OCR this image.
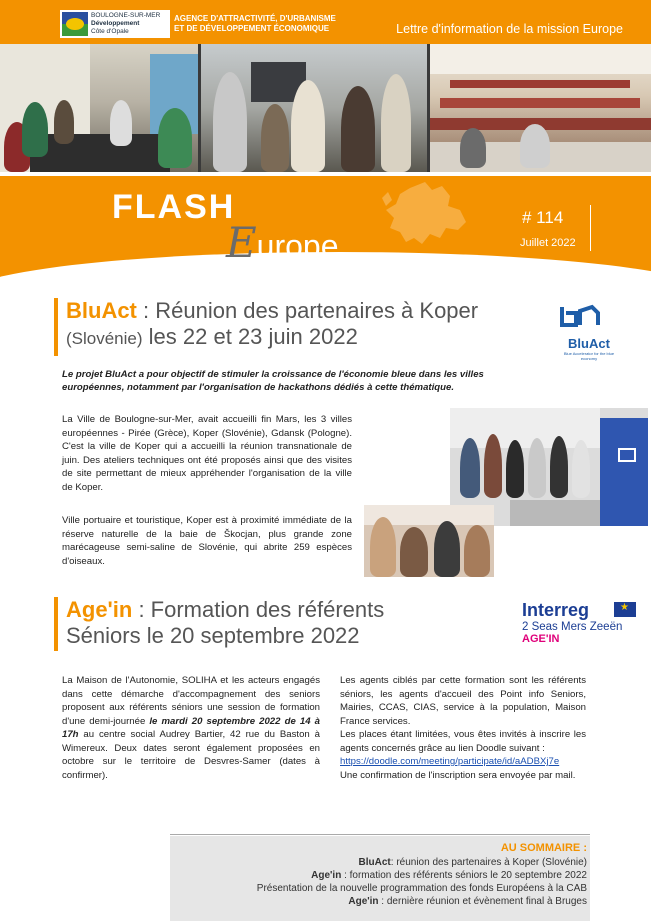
BOULOGNE-SUR-MER
Développement
Côte d'Opale
AGENCE D'ATTRACTIVITÉ, D'URBANISME
ET DE DÉVELOPPEMENT ÉCONOMIQUE	Lettre d'information de la mission Europe
FLASH
Europe
# 114
Juillet 2022
BluAct : Réunion des partenaires à Koper
(Slovénie) les 22 et 23 juin 2022	BluAct
Blue Accelerator for the blue economy
Le projet BluAct a pour objectif de stimuler la croissance de l'économie bleue dans les villes européennes, notamment par l'organisation de hackathons dédiés à cette thématique.
La Ville de Boulogne-sur-Mer, avait accueilli fin Mars, les 3 villes européennes - Pirée (Grèce), Koper (Slovénie), Gdansk (Pologne). C'est la ville de Koper qui a accueilli la réunion transnationale de juin. Des ateliers techniques ont été proposés ainsi que des visites de site permettant de mieux appréhender l'organisation de la ville de Koper.
Ville portuaire et touristique, Koper est à proximité immédiate de la réserve naturelle de la baie de Škocjan, plus grande zone marécageuse semi-saline de Slovénie, qui abrite 259 espèces d'oiseaux.
Age'in : Formation des référents
Séniors le 20 septembre 2022
Interreg
★
2 Seas Mers Zeeën
AGE'IN
La Maison de l'Autonomie, SOLIHA et les acteurs engagés dans cette démarche d'accompagnement des seniors proposent aux référents séniors une session de formation d'une demi-journée le mardi 20 septembre 2022 de 14 à 17h au centre social Audrey Bartier, 42 rue du Baston à Wimereux. Deux dates seront également proposées en octobre sur le territoire de Desvres-Samer (dates à confirmer).
Les agents ciblés par cette formation sont les référents séniors, les agents d'accueil des Point info Seniors, Mairies, CCAS, CIAS, service à la population, Maison France services.
Les places étant limitées, vous êtes invités à inscrire les agents concernés grâce au lien Doodle suivant :
https://doodle.com/meeting/participate/id/aADBXj7e
Une confirmation de l'inscription sera envoyée par mail.
AU SOMMAIRE :
BluAct: réunion des partenaires à Koper (Slovénie)
Age'in : formation des référents séniors le 20 septembre 2022
Présentation de la nouvelle programmation des fonds Européens à la CAB
Age'in : dernière réunion et évènement final à Bruges
